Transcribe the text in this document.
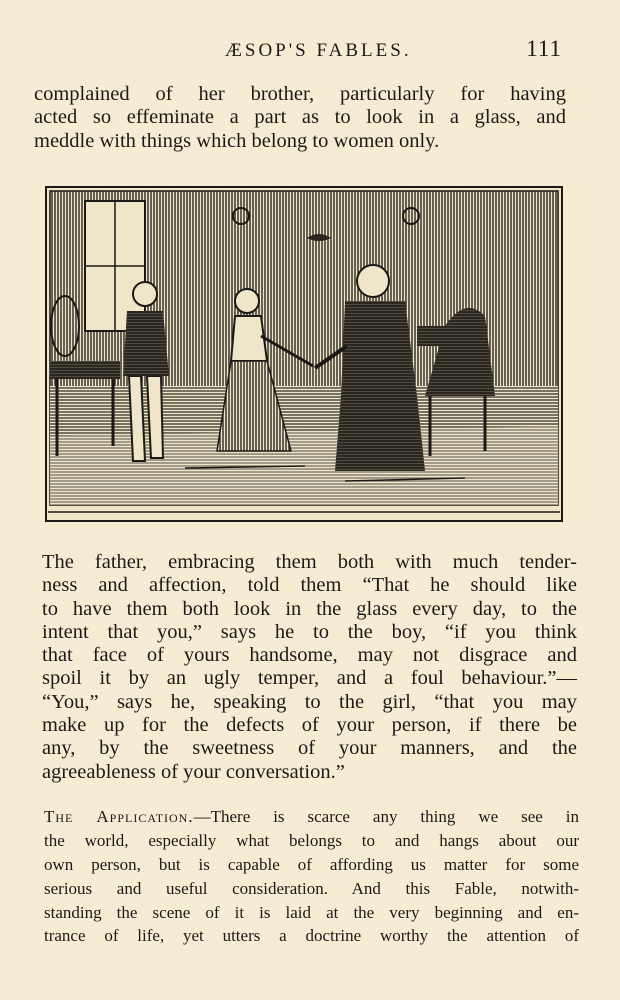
ÆSOP'S FABLES.	111
complained of her brother, particularly for having
acted so effeminate a part as to look in a glass, and
meddle with things which belong to women only.
The father, embracing them both with much tender-
ness and affection, told them “That he should like
to have them both look in the glass every day, to the
intent that you,” says he to the boy, “if you think
that face of yours handsome, may not disgrace and
spoil it by an ugly temper, and a foul behaviour.”—
“You,” says he, speaking to the girl, “that you may
make up for the defects of your person, if there be
any, by the sweetness of your manners, and the
agreeableness of your conversation.”
The Application.—There is scarce any thing we see in
the world, especially what belongs to and hangs about our
own person, but is capable of affording us matter for some
serious and useful consideration. And this Fable, notwith-
standing the scene of it is laid at the very beginning and en-
trance of life, yet utters a doctrine worthy the attention of
